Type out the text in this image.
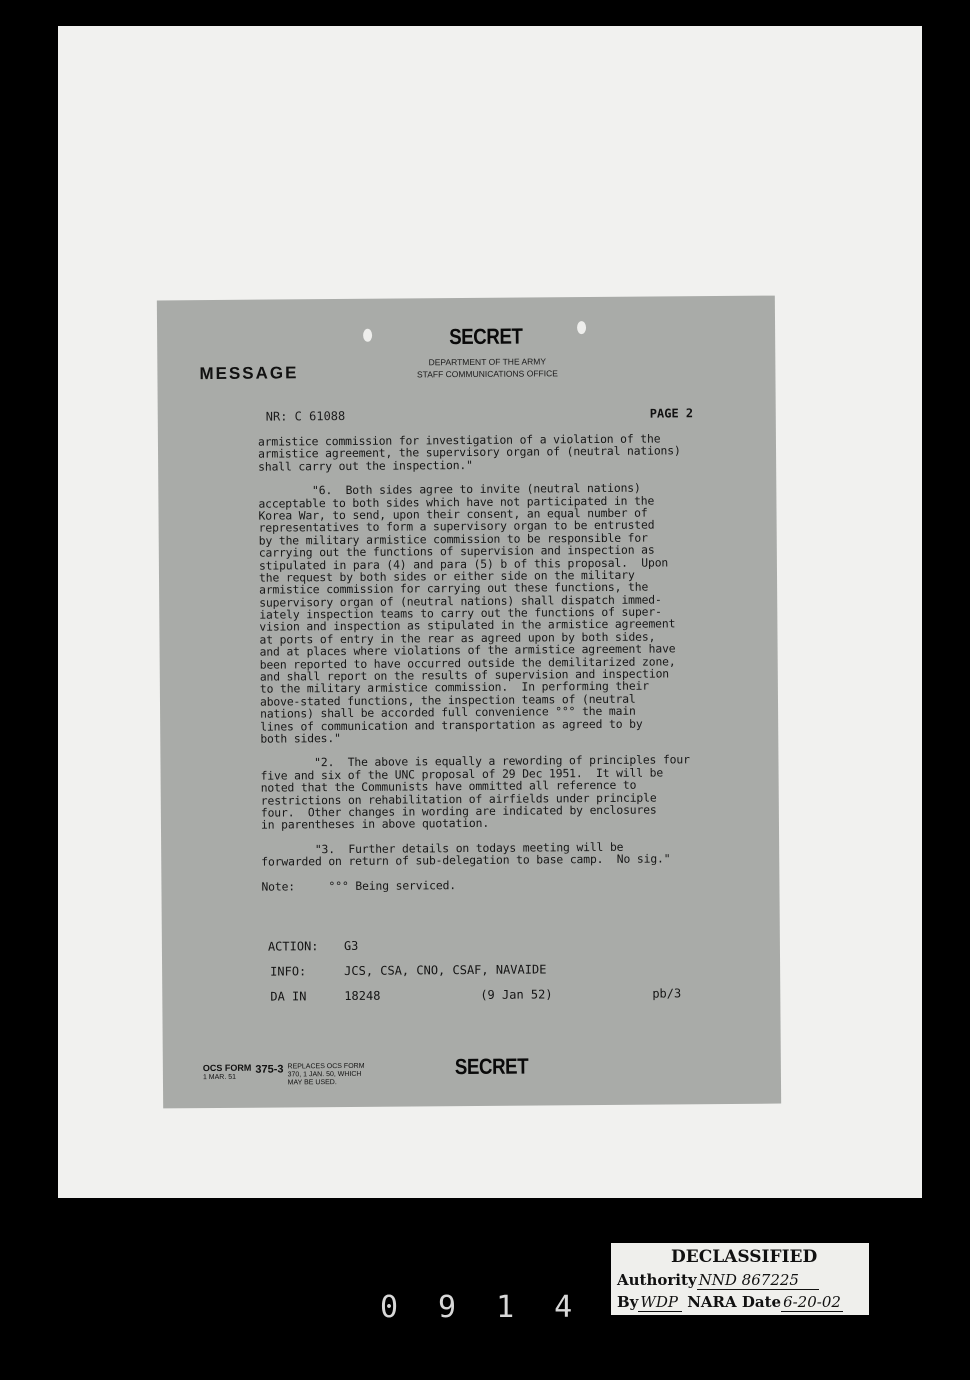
SECRET
DEPARTMENT OF THE ARMY
STAFF COMMUNICATIONS OFFICE
MESSAGE
NR: C 61088	PAGE 2
armistice commission for investigation of a violation of the
armistice agreement, the supervisory organ of (neutral nations)
shall carry out the inspection."
"6.  Both sides agree to invite (neutral nations)
acceptable to both sides which have not participated in the
Korea War, to send, upon their consent, an equal number of
representatives to form a supervisory organ to be entrusted
by the military armistice commission to be responsible for
carrying out the functions of supervision and inspection as
stipulated in para (4) and para (5) b of this proposal.  Upon
the request by both sides or either side on the military
armistice commission for carrying out these functions, the
supervisory organ of (neutral nations) shall dispatch immed-
iately inspection teams to carry out the functions of super-
vision and inspection as stipulated in the armistice agreement
at ports of entry in the rear as agreed upon by both sides,
and at places where violations of the armistice agreement have
been reported to have occurred outside the demilitarized zone,
and shall report on the results of supervision and inspection
to the military armistice commission.  In performing their
above-stated functions, the inspection teams of (neutral
nations) shall be accorded full convenience °°° the main
lines of communication and transportation as agreed to by
both sides."
"2.  The above is equally a rewording of principles four
five and six of the UNC proposal of 29 Dec 1951.  It will be
noted that the Communists have ommitted all reference to
restrictions on rehabilitation of airfields under principle
four.  Other changes in wording are indicated by enclosures
in parentheses in above quotation.
"3.  Further details on todays meeting will be
forwarded on return of sub-delegation to base camp.  No sig."
Note:     °°° Being serviced.
ACTION: G3
INFO:	JCS, CSA, CNO, CSAF, NAVAIDE
DA IN	18248	(9 Jan 52)	pb/3
OCS FORM
1 MAR. 51
375-3 REPLACES OCS FORM
370, 1 JAN. 50, WHICH
MAY BE USED.
SECRET
DECLASSIFIED
Authority NND 867225
By WDP NARA Date 6-20-02
0914
